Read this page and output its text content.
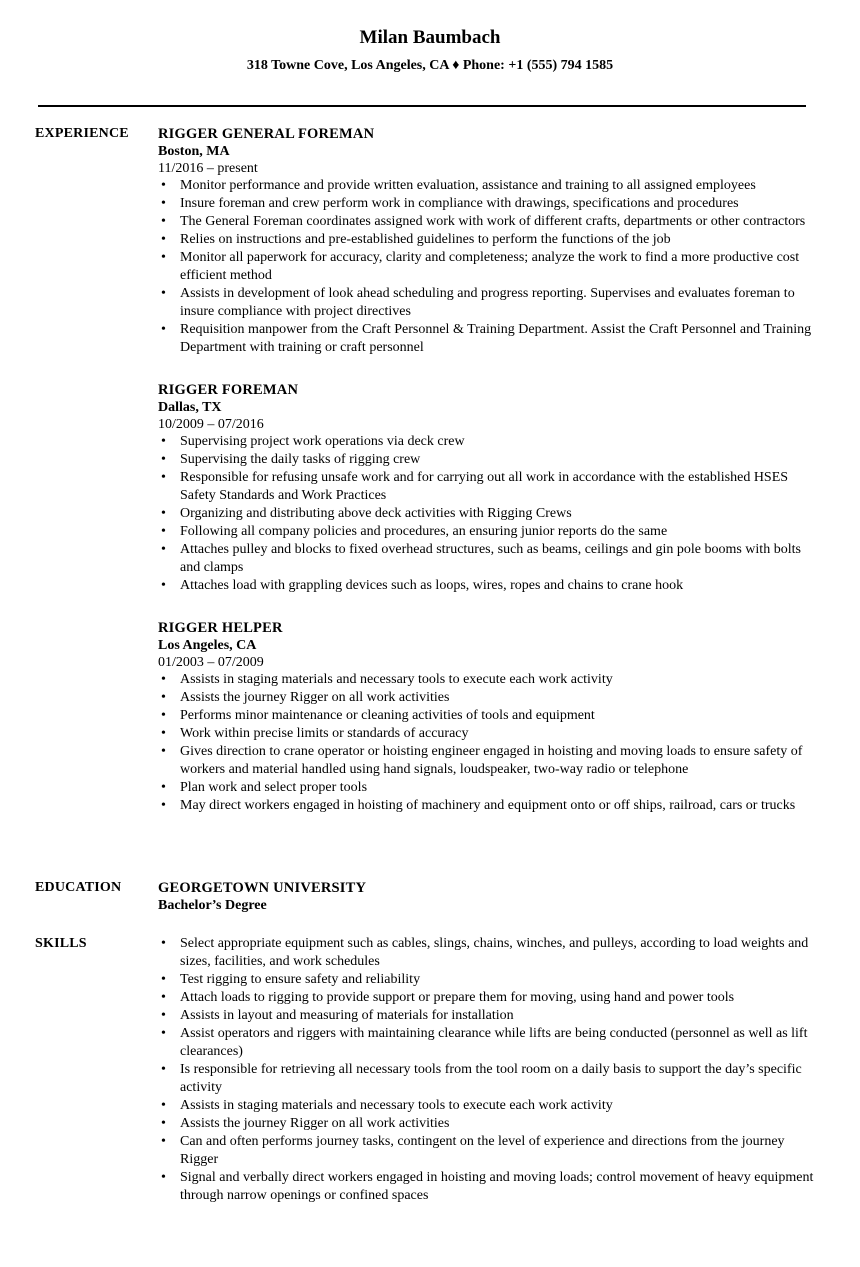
Milan Baumbach
318 Towne Cove, Los Angeles, CA ♦ Phone: +1 (555) 794 1585
EXPERIENCE RIGGER GENERAL FOREMAN
Boston, MA
11/2016 – present
• Monitor performance and provide written evaluation, assistance and training to all assigned employees
• Insure foreman and crew perform work in compliance with drawings, specifications and procedures
• The General Foreman coordinates assigned work with work of different crafts, departments or other contractors
• Relies on instructions and pre-established guidelines to perform the functions of the job
• Monitor all paperwork for accuracy, clarity and completeness; analyze the work to find a more productive cost efficient method
• Assists in development of look ahead scheduling and progress reporting. Supervises and evaluates foreman to insure compliance with project directives
• Requisition manpower from the Craft Personnel & Training Department. Assist the Craft Personnel and Training Department with training or craft personnel
RIGGER FOREMAN
Dallas, TX
10/2009 – 07/2016
• Supervising project work operations via deck crew
• Supervising the daily tasks of rigging crew
• Responsible for refusing unsafe work and for carrying out all work in accordance with the established HSES Safety Standards and Work Practices
• Organizing and distributing above deck activities with Rigging Crews
• Following all company policies and procedures, an ensuring junior reports do the same
• Attaches pulley and blocks to fixed overhead structures, such as beams, ceilings and gin pole booms with bolts and clamps
• Attaches load with grappling devices such as loops, wires, ropes and chains to crane hook
RIGGER HELPER
Los Angeles, CA
01/2003 – 07/2009
• Assists in staging materials and necessary tools to execute each work activity
• Assists the journey Rigger on all work activities
• Performs minor maintenance or cleaning activities of tools and equipment
• Work within precise limits or standards of accuracy
• Gives direction to crane operator or hoisting engineer engaged in hoisting and moving loads to ensure safety of workers and material handled using hand signals, loudspeaker, two-way radio or telephone
• Plan work and select proper tools
• May direct workers engaged in hoisting of machinery and equipment onto or off ships, railroad, cars or trucks
EDUCATION	GEORGETOWN UNIVERSITY
Bachelor’s Degree
SKILLS
•	Select appropriate equipment such as cables, slings, chains, winches, and pulleys, according to load weights and sizes, facilities, and work schedules
• Test rigging to ensure safety and reliability
• Attach loads to rigging to provide support or prepare them for moving, using hand and power tools
• Assists in layout and measuring of materials for installation
• Assist operators and riggers with maintaining clearance while lifts are being conducted (personnel as well as lift clearances)
• Is responsible for retrieving all necessary tools from the tool room on a daily basis to support the day’s specific activity
• Assists in staging materials and necessary tools to execute each work activity
• Assists the journey Rigger on all work activities
• Can and often performs journey tasks, contingent on the level of experience and directions from the journey Rigger
• Signal and verbally direct workers engaged in hoisting and moving loads; control movement of heavy equipment through narrow openings or confined spaces
